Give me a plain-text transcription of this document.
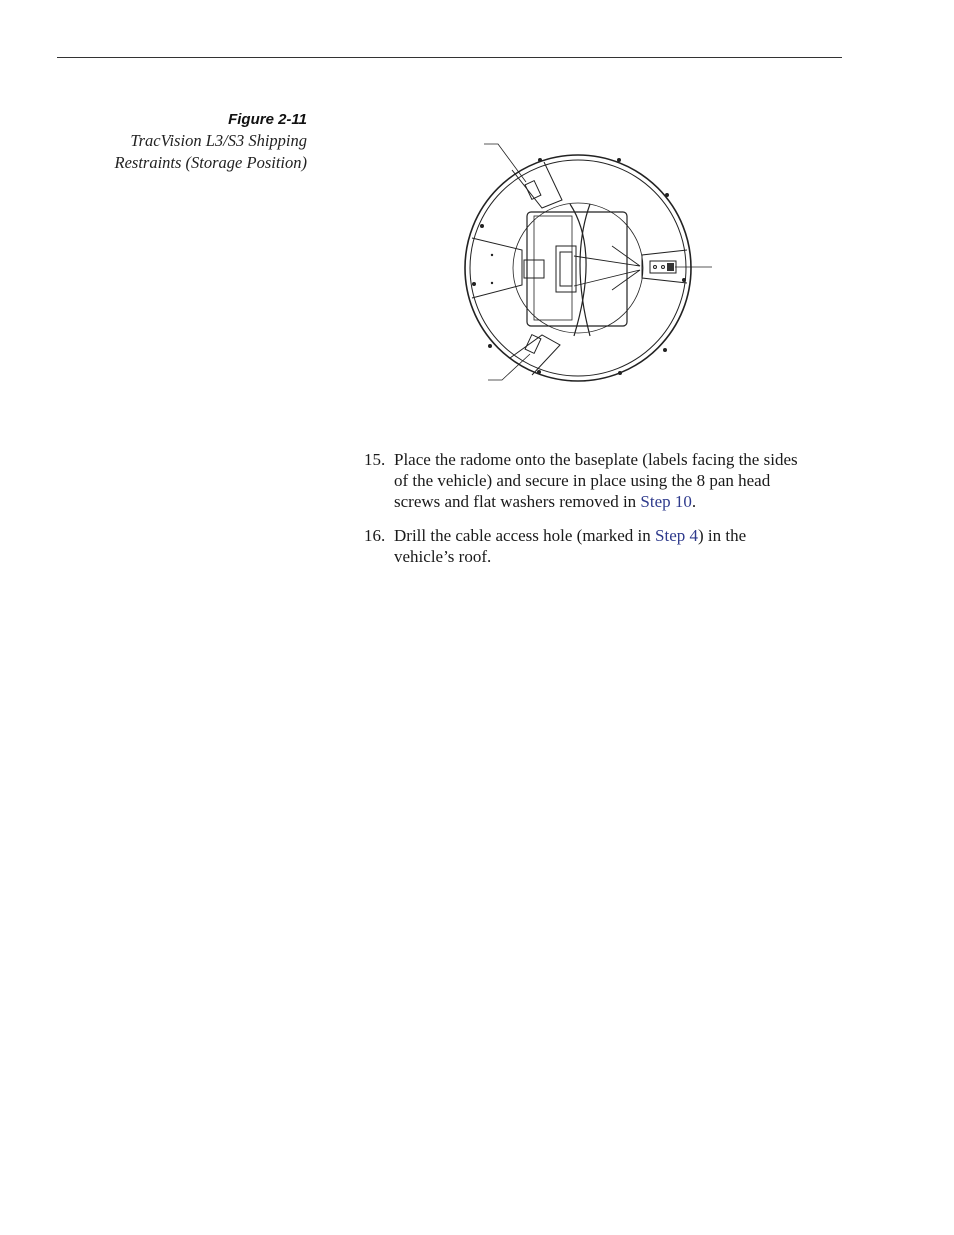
Figure 2-11
TracVision L3/S3 Shipping
Restraints (Storage Position)
15. Place the radome onto the baseplate (labels facing the sides of the vehicle) and secure in place using the 8 pan head screws and flat washers removed in Step 10.
16. Drill the cable access hole (marked in Step 4) in the vehicle’s roof.
